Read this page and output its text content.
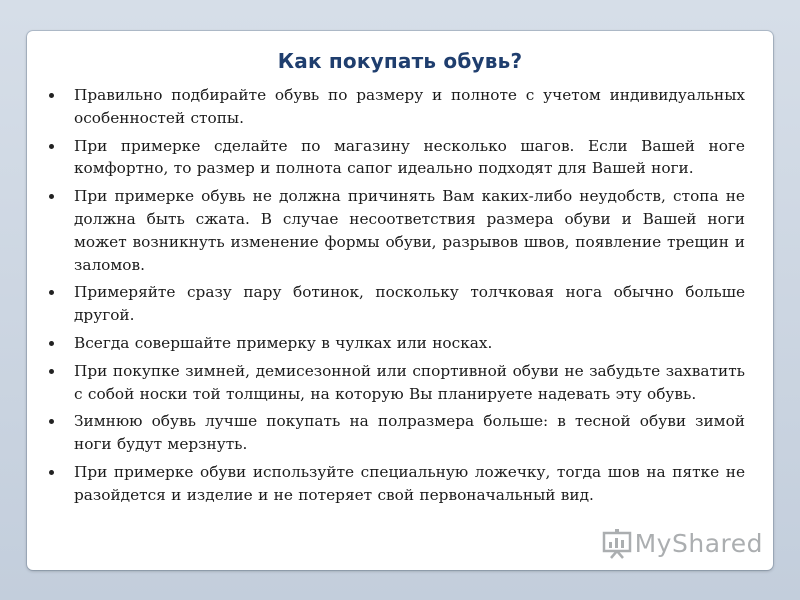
Как покупать обувь?
Правильно подбирайте обувь по размеру и полноте с учетом индивидуальных особенностей стопы.
При примерке сделайте по магазину несколько шагов. Если Вашей ноге комфортно, то размер и полнота сапог идеально подходят для Вашей ноги.
При примерке обувь не должна причинять Вам каких-либо неудобств, стопа не должна быть сжата. В случае несоответствия размера обуви и Вашей ноги может возникнуть изменение формы обуви, разрывов швов, появление трещин и заломов.
Примеряйте сразу пару ботинок, поскольку толчковая нога обычно больше другой.
Всегда совершайте примерку в чулках или носках.
При покупке зимней, демисезонной или спортивной обуви не забудьте захватить с собой носки той толщины, на которую Вы планируете надевать эту обувь.
Зимнюю обувь лучше покупать на полразмера больше: в тесной обуви зимой ноги будут мерзнуть.
При примерке обуви используйте специальную ложечку, тогда шов на пятке не разойдется и изделие и не потеряет свой первоначальный вид.
MyShared
